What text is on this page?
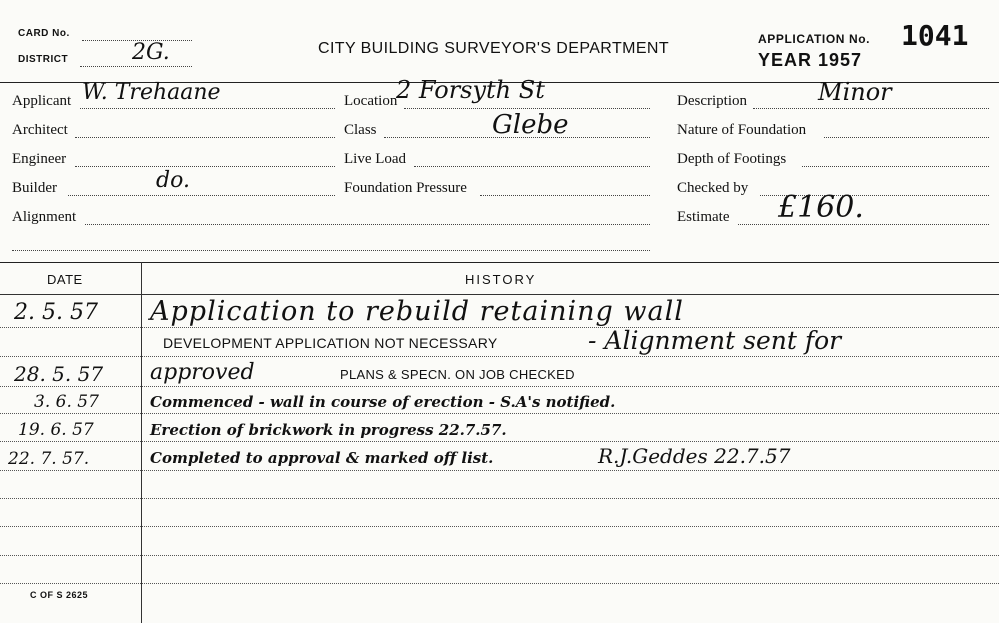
CARD No.
DISTRICT	2G.	CITY BUILDING SURVEYOR'S DEPARTMENT
APPLICATION No. 1041
YEAR 1957
Applicant W. Trehaane
Architect
Engineer
Builder	do.
Alignment
Location
2 Forsyth St
Class	Glebe
Live Load
Foundation Pressure
Description	Minor
Nature of Foundation
Depth of Footings
Checked by
Estimate £160.
DATE	HISTORY
2. 5. 57 Application to rebuild retaining wall
DEVELOPMENT APPLICATION NOT NECESSARY	- Alignment sent for
28. 5. 57 approved	PLANS & SPECN. ON JOB CHECKED
3. 6. 57	Commenced - wall in course of erection - S.A's notified.
19. 6. 57	Erection of brickwork in progress 22.7.57.
22. 7. 57.	Completed to approval & marked off list.	R.J.Geddes 22.7.57
C OF S 2625
